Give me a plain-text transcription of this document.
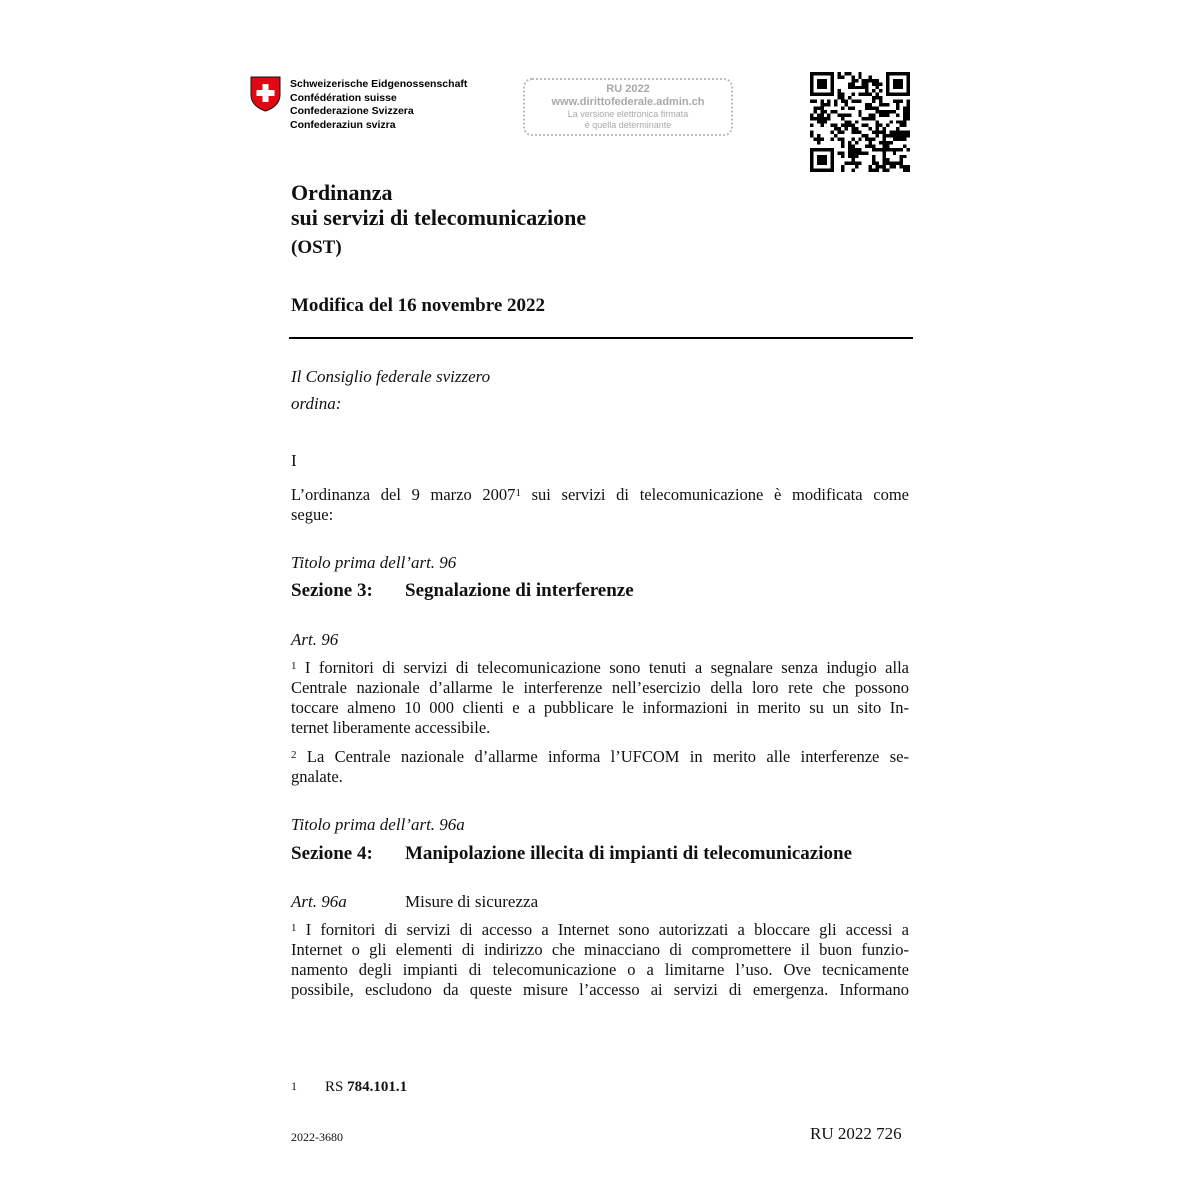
Schweizerische Eidgenossenschaft
Confédération suisse
Confederazione Svizzera
Confederaziun svizra
RU 2022
www.dirittofederale.admin.ch
La versione elettronica firmata
è quella determinante
Ordinanza
sui servizi di telecomunicazione
(OST)
Modifica del 16 novembre 2022
Il Consiglio federale svizzero
ordina:
I
L’ordinanza del 9 marzo 2007$^1$ sui servizi di telecomunicazione è modificata come
segue:
Titolo prima dell’art. 96
Sezione 3: Segnalazione di interferenze
Art. 96
$^1$ I fornitori di servizi di telecomunicazione sono tenuti a segnalare senza indugio alla
Centrale nazionale d’allarme le interferenze nell’esercizio della loro rete che possono
toccare almeno 10 000 clienti e a pubblicare le informazioni in merito su un sito In-
ternet liberamente accessibile.
$^2$ La Centrale nazionale d’allarme informa l’UFCOM in merito alle interferenze se-
gnalate.
Titolo prima dell’art. 96a
Sezione 4: Manipolazione illecita di impianti di telecomunicazione
Art. 96a	Misure di sicurezza
$^1$ I fornitori di servizi di accesso a Internet sono autorizzati a bloccare gli accessi a
Internet o gli elementi di indirizzo che minacciano di compromettere il buon funzio-
namento degli impianti di telecomunicazione o a limitarne l’uso. Ove tecnicamente
possibile, escludono da queste misure l’accesso ai servizi di emergenza. Informano
1 RS 784.101.1
2022-3680	RU 2022 726
